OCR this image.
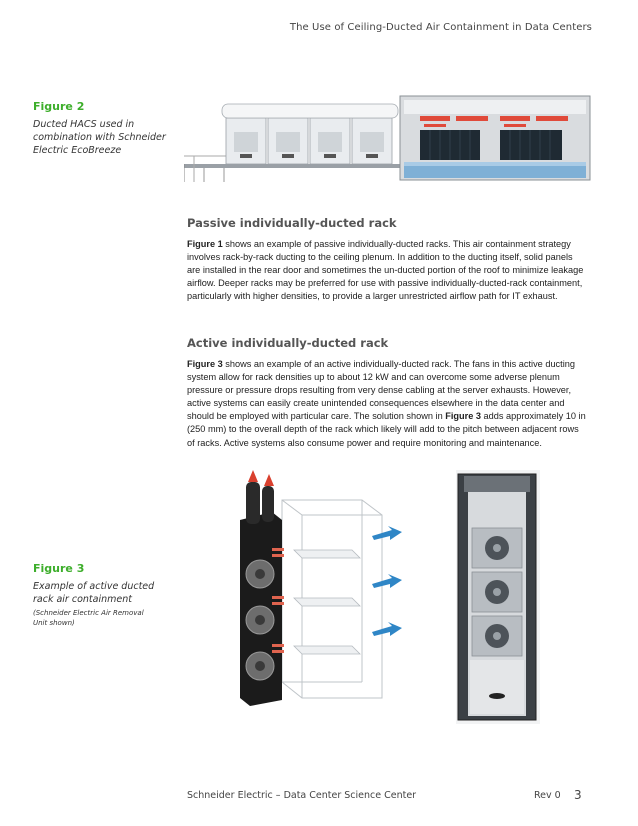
The Use of Ceiling-Ducted Air Containment in Data Centers
Figure 2
Ducted HACS used in combination with Schneider Electric EcoBreeze
Passive individually-ducted rack
Figure 1 shows an example of passive individually-ducted racks. This air containment strategy involves rack-by-rack ducting to the ceiling plenum. In addition to the ducting itself, solid panels are installed in the rear door and sometimes the un-ducted portion of the roof to minimize leakage airflow. Deeper racks may be preferred for use with passive individually-ducted-rack containment, particularly with higher densities, to provide a larger unrestricted airflow path for IT exhaust.
Active individually-ducted rack
Figure 3 shows an example of an active individually-ducted rack. The fans in this active ducting system allow for rack densities up to about 12 kW and can overcome some adverse plenum pressure or pressure drops resulting from very dense cabling at the server exhausts. However, active systems can easily create unintended consequences elsewhere in the data center and should be employed with particular care. The solution shown in Figure 3 adds approximately 10 in (250 mm) to the overall depth of the rack which likely will add to the pitch between adjacent rows of racks. Active systems also consume power and require monitoring and maintenance.
Figure 3
Example of active ducted rack air containment
(Schneider Electric Air Removal Unit shown)
Schneider Electric – Data Center Science Center	Rev 0 3
